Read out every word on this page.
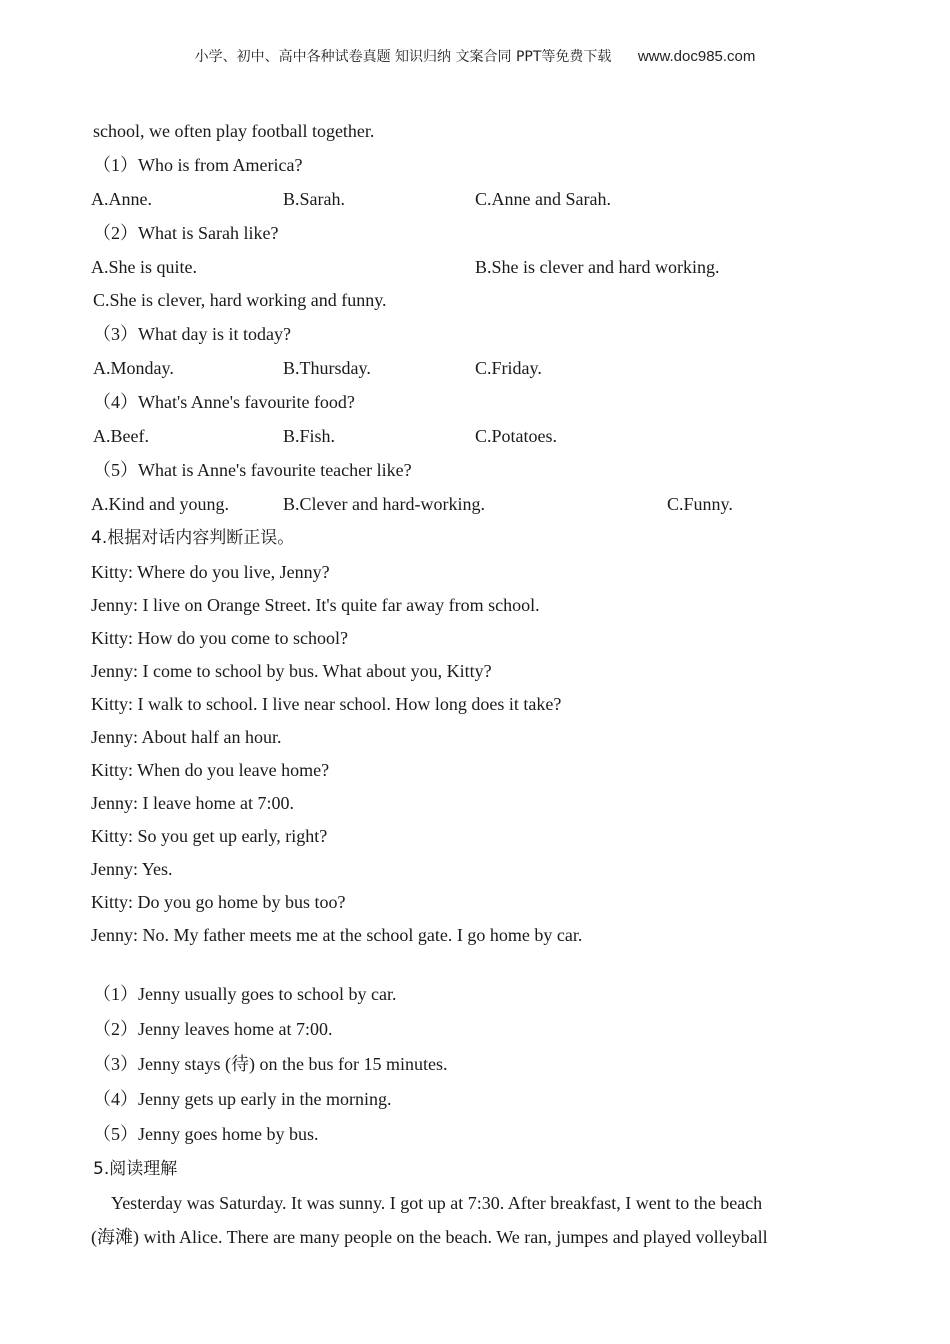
小学、初中、高中各种试卷真题 知识归纳 文案合同 PPT等免费下载 www.doc985.com
school, we often play football together.
（1）Who is from America?
A.Anne.	B.Sarah.	C.Anne and Sarah.
（2）What is Sarah like?
A.She is quite.	B.She is clever and hard working.
C.She is clever, hard working and funny.
（3）What day is it today?
A.Monday.	B.Thursday.	C.Friday.
（4）What's Anne's favourite food?
A.Beef.	B.Fish.	C.Potatoes.
（5）What is Anne's favourite teacher like?
A.Kind and young.	B.Clever and hard-working.	C.Funny.
4.根据对话内容判断正误。
Kitty: Where do you live, Jenny?
Jenny: I live on Orange Street. It's quite far away from school.
Kitty: How do you come to school?
Jenny: I come to school by bus. What about you, Kitty?
Kitty: I walk to school. I live near school. How long does it take?
Jenny: About half an hour.
Kitty: When do you leave home?
Jenny: I leave home at 7:00.
Kitty: So you get up early, right?
Jenny: Yes.
Kitty: Do you go home by bus too?
Jenny: No. My father meets me at the school gate. I go home by car.
（1）Jenny usually goes to school by car.
（2）Jenny leaves home at 7:00.
（3）Jenny stays (待) on the bus for 15 minutes.
（4）Jenny gets up early in the morning.
（5）Jenny goes home by bus.
5.阅读理解
Yesterday was Saturday. It was sunny. I got up at 7:30. After breakfast, I went to the beach
(海滩) with Alice. There are many people on the beach. We ran, jumpes and played volleyball
